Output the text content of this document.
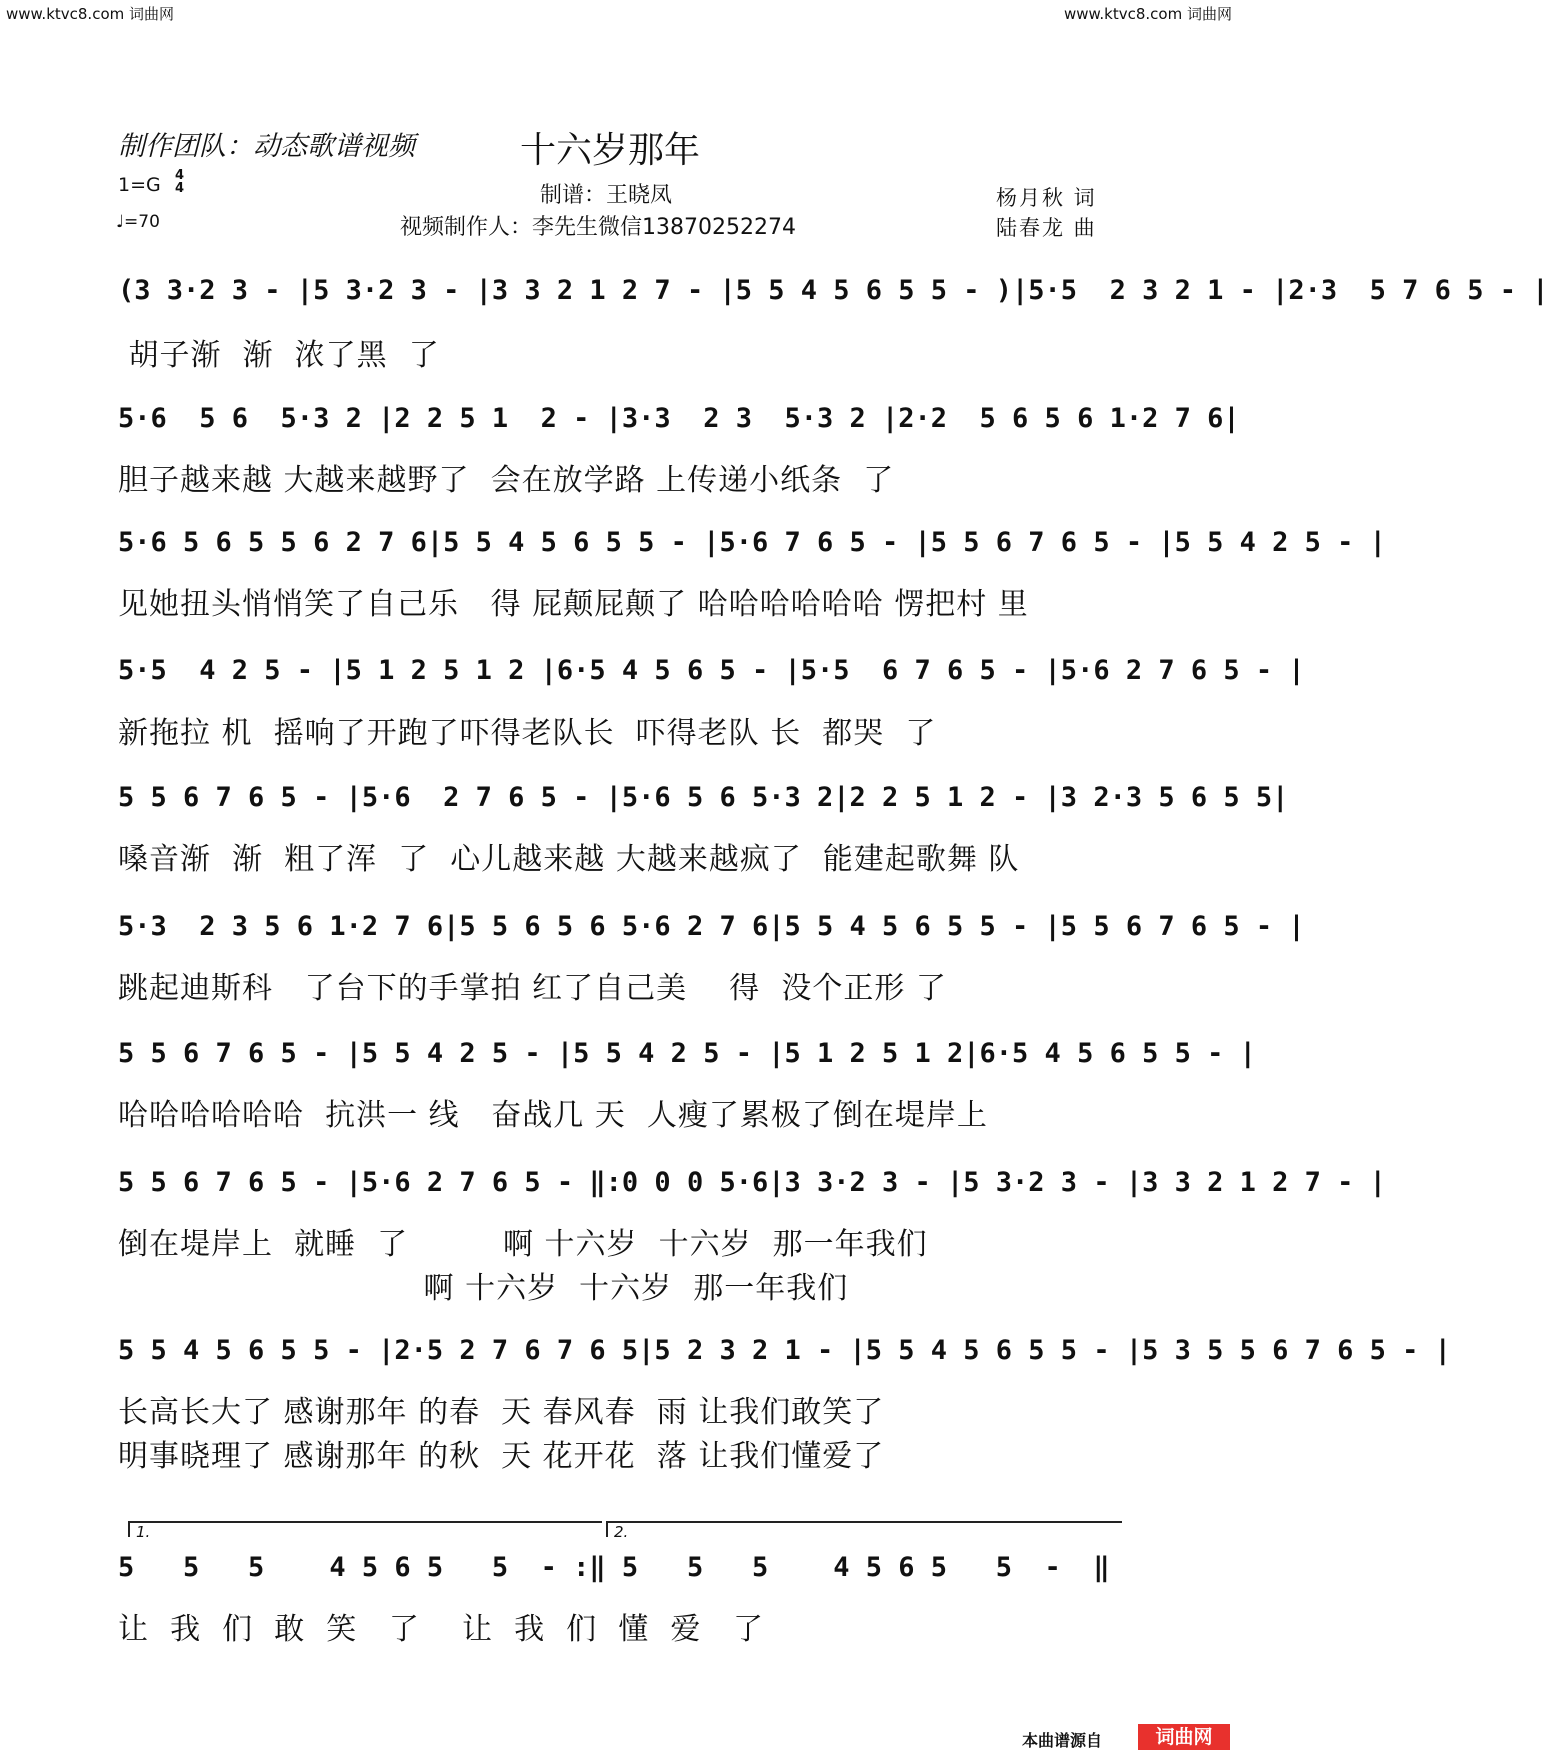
www.ktvc8.com 词曲网	www.ktvc8.com 词曲网
制作团队：动态歌谱视频	十六岁那年
1=G 4
4
♩=70
制谱：王晓凤
视频制作人：李先生微信13870252274
杨月秋 词
陆春龙 曲
(3 3·2 3 - |5 3·2 3 - |3 3 2 1 2 7 - |5 5 4 5 6 5 5 - )|5·5  2 3 2 1 - |2·3  5 7 6 5 - |
胡子渐  渐  浓了黑  了
5·6  5 6  5·3 2 |2 2 5 1  2 - |3·3  2 3  5·3 2 |2·2  5 6 5 6 1·2 7 6|
胆子越来越 大越来越野了  会在放学路 上传递小纸条  了
5·6 5 6 5 5 6 2 7 6|5 5 4 5 6 5 5 - |5·6 7 6 5 - |5 5 6 7 6 5 - |5 5 4 2 5 - |
见她扭头悄悄笑了自己乐   得 屁颠屁颠了 哈哈哈哈哈哈 愣把村 里
5·5  4 2 5 - |5 1 2 5 1 2 |6·5 4 5 6 5 - |5·5  6 7 6 5 - |5·6 2 7 6 5 - |
新拖拉 机  摇响了开跑了吓得老队长  吓得老队 长  都哭  了
5 5 6 7 6 5 - |5·6  2 7 6 5 - |5·6 5 6 5·3 2|2 2 5 1 2 - |3 2·3 5 6 5 5|
嗓音渐  渐  粗了浑  了  心儿越来越 大越来越疯了  能建起歌舞 队
5·3  2 3 5 6 1·2 7 6|5 5 6 5 6 5·6 2 7 6|5 5 4 5 6 5 5 - |5 5 6 7 6 5 - |
跳起迪斯科   了台下的手掌拍 红了自己美    得  没个正形 了
5 5 6 7 6 5 - |5 5 4 2 5 - |5 5 4 2 5 - |5 1 2 5 1 2|6·5 4 5 6 5 5 - |
哈哈哈哈哈哈  抗洪一 线   奋战几 天  人瘦了累极了倒在堤岸上
5 5 6 7 6 5 - |5·6 2 7 6 5 - ‖:0 0 0 5·6|3 3·2 3 - |5 3·2 3 - |3 3 2 1 2 7 - |
倒在堤岸上  就睡  了         啊 十六岁  十六岁  那一年我们
啊 十六岁  十六岁  那一年我们
5 5 4 5 6 5 5 - |2·5 2 7 6 7 6 5|5 2 3 2 1 - |5 5 4 5 6 5 5 - |5 3 5 5 6 7 6 5 - |
长高长大了 感谢那年 的春  天 春风春  雨 让我们敢笑了
明事晓理了 感谢那年 的秋  天 花开花  落 让我们懂爱了
1.	2.
5   5   5    4 5 6 5   5  - :‖ 5   5   5    4 5 6 5   5  -  ‖
让  我  们  敢  笑   了    让  我  们  懂  爱   了
本曲谱源自	词曲网
